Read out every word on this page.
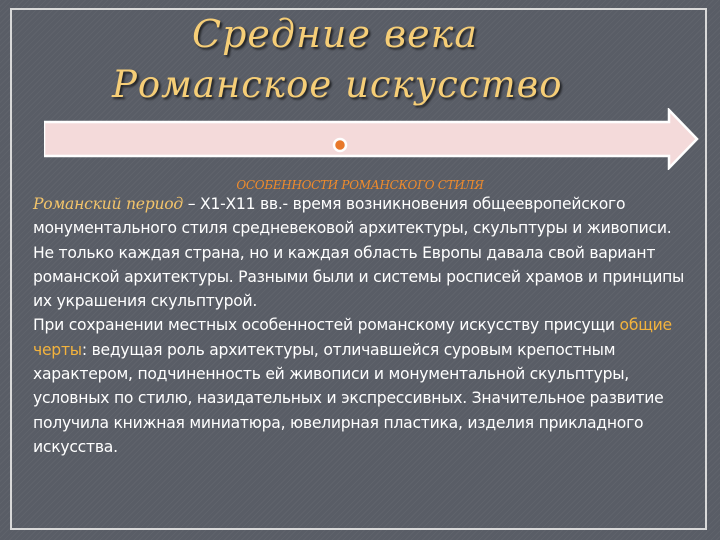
Средние века
Романское искусство
ОСОБЕННОСТИ РОМАНСКОГО СТИЛЯ

Романский период – Х1-Х11 вв.- время возникновения общеевропейского монументального стиля средневековой архитектуры, скульптуры и живописи. Не только каждая страна, но и каждая область Европы давала свой вариант романской архитектуры. Разными были и системы росписей храмов и принципы их украшения скульптурой.

При сохранении местных особенностей романскому искусству присущи общие черты: ведущая роль архитектуры, отличавшейся суровым крепостным характером, подчиненность ей живописи и монументальной скульптуры, условных по стилю, назидательных и экспрессивных. Значительное развитие получила книжная миниатюра, ювелирная пластика, изделия прикладного искусства.
